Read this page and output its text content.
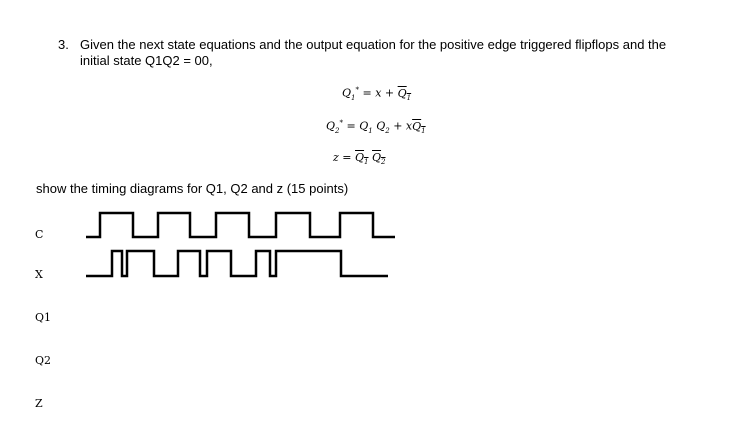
3. Given the next state equations and the output equation for the positive edge triggered flipflops and the
initial state Q1Q2 = 00,
$Q_1^* = x + Q_1$
$Q_2^* = Q_1$ $Q_2 + xQ_1$
$z = Q_1$ $Q_2$
show the timing diagrams for Q1, Q2 and z (15 points)
C
X
Q1
Q2
Z
